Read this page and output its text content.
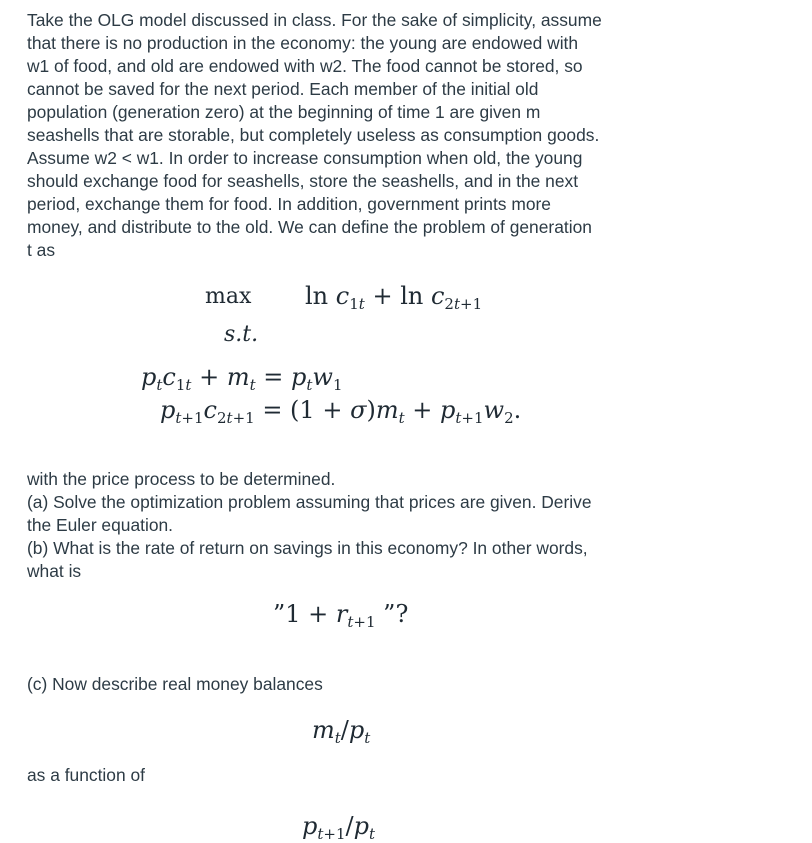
Take the OLG model discussed in class. For the sake of simplicity, assume

that there is no production in the economy: the young are endowed with

w1 of food, and old are endowed with w2. The food cannot be stored, so

cannot be saved for the next period. Each member of the initial old

population (generation zero) at the beginning of time 1 are given m

seashells that are storable, but completely useless as consumption goods.

Assume w2 < w1. In order to increase consumption when old, the young

should exchange food for seashells, store the seashells, and in the next

period, exchange them for food. In addition, government prints more

money, and distribute to the old. We can define the problem of generation

t as

$\max \ln c_{1t} + \ln c_{2t+1}$
s.t.
$p_tc_{1t} + m_t = p_tw_1$
$p_{t+1}c_{2t+1} = (1 + \sigma)m_t + p_{t+1}w_2$.

with the price process to be determined.

(a) Solve the optimization problem assuming that prices are given. Derive

the Euler equation.

(b) What is the rate of return on savings in this economy? In other words,

what is

”1 + $r_{t+1}$ ”?

(c) Now describe real money balances

$m_t/p_t$

as a function of

$p_{t+1}/p_t$
